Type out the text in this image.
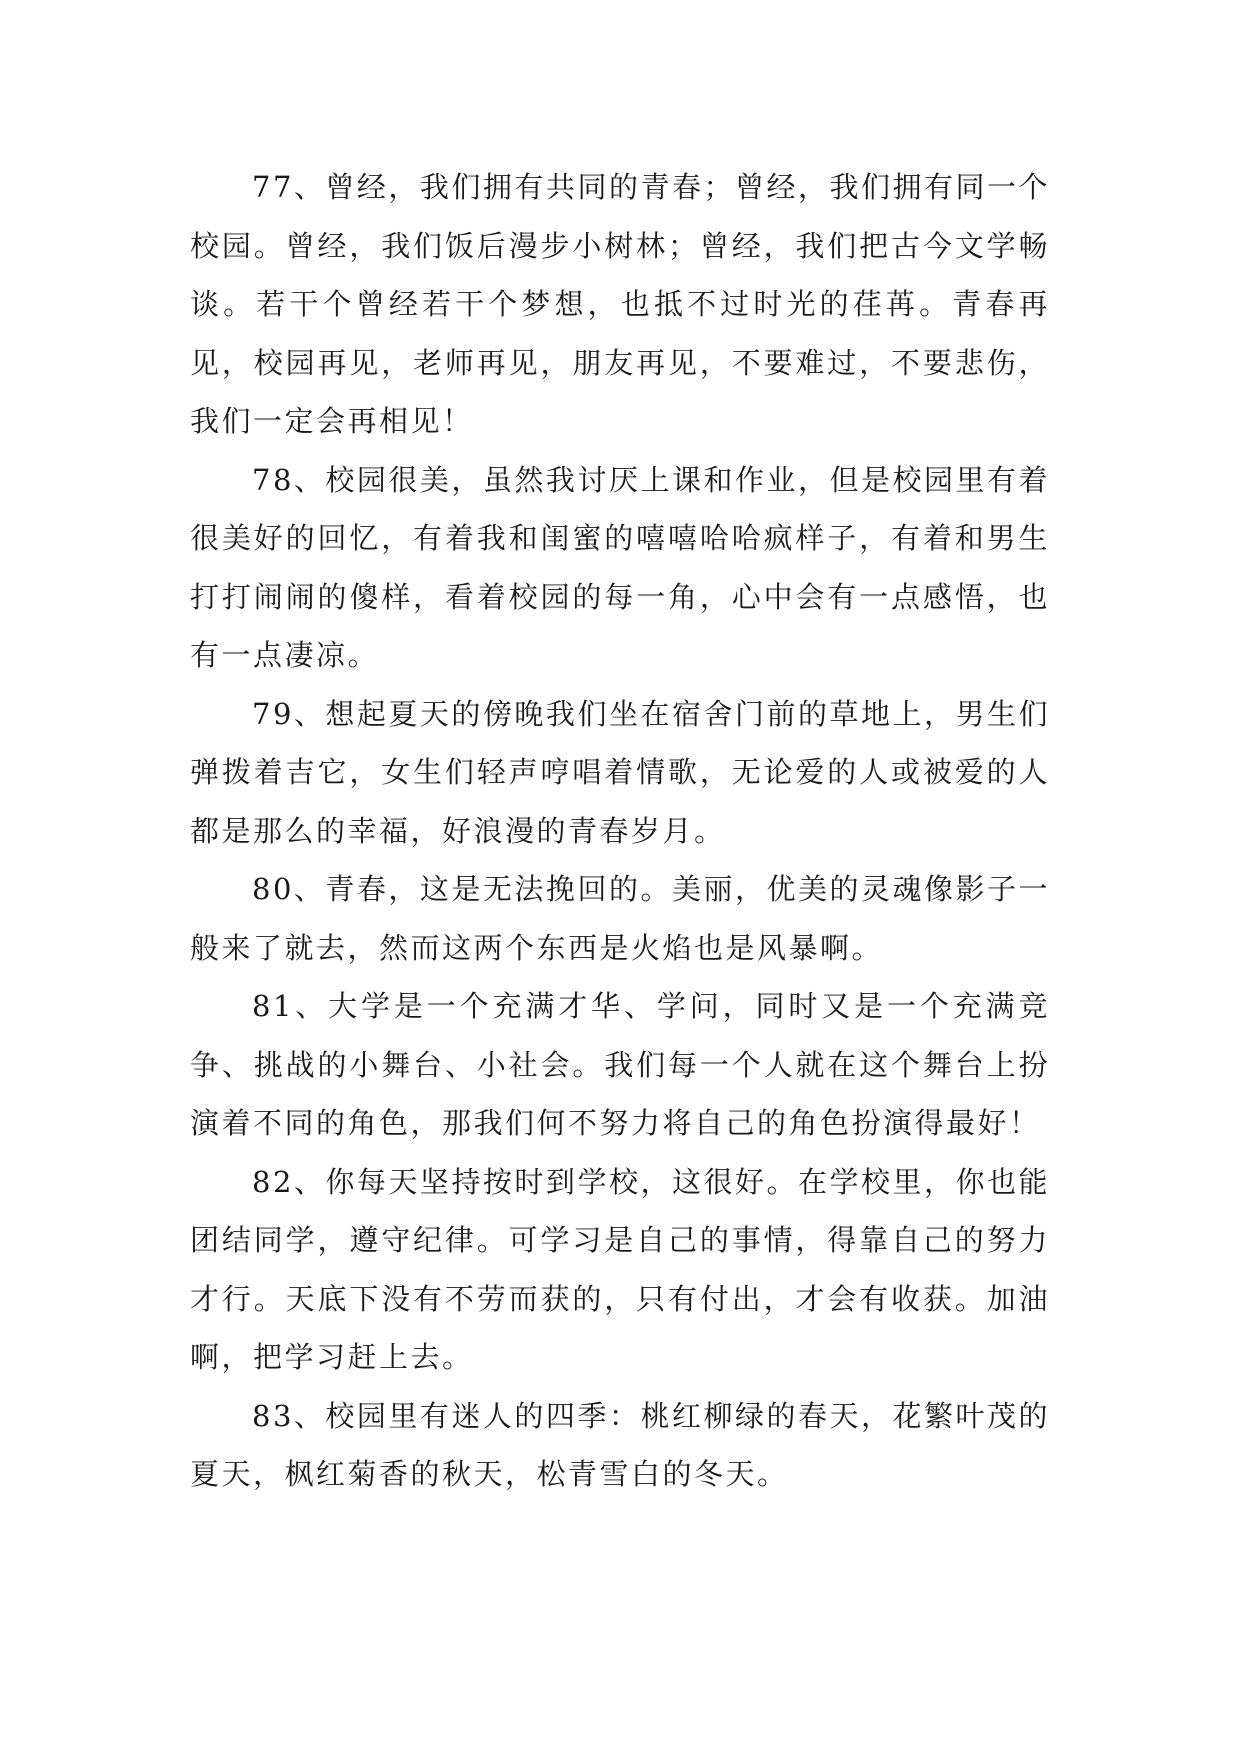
77、曾经，我们拥有共同的青春；曾经，我们拥有同一个校园。曾经，我们饭后漫步小树林；曾经，我们把古今文学畅谈。若干个曾经若干个梦想，也抵不过时光的荏苒。青春再见，校园再见，老师再见，朋友再见，不要难过，不要悲伤，我们一定会再相见！

78、校园很美，虽然我讨厌上课和作业，但是校园里有着很美好的回忆，有着我和闺蜜的嘻嘻哈哈疯样子，有着和男生打打闹闹的傻样，看着校园的每一角，心中会有一点感悟，也有一点凄凉。

79、想起夏天的傍晚我们坐在宿舍门前的草地上，男生们弹拨着吉它，女生们轻声哼唱着情歌，无论爱的人或被爱的人都是那么的幸福，好浪漫的青春岁月。

80、青春，这是无法挽回的。美丽，优美的灵魂像影子一般来了就去，然而这两个东西是火焰也是风暴啊。

81、大学是一个充满才华、学问，同时又是一个充满竞争、挑战的小舞台、小社会。我们每一个人就在这个舞台上扮演着不同的角色，那我们何不努力将自己的角色扮演得最好！

82、你每天坚持按时到学校，这很好。在学校里，你也能团结同学，遵守纪律。可学习是自己的事情，得靠自己的努力才行。天底下没有不劳而获的，只有付出，才会有收获。加油啊，把学习赶上去。

83、校园里有迷人的四季：桃红柳绿的春天，花繁叶茂的夏天，枫红菊香的秋天，松青雪白的冬天。
